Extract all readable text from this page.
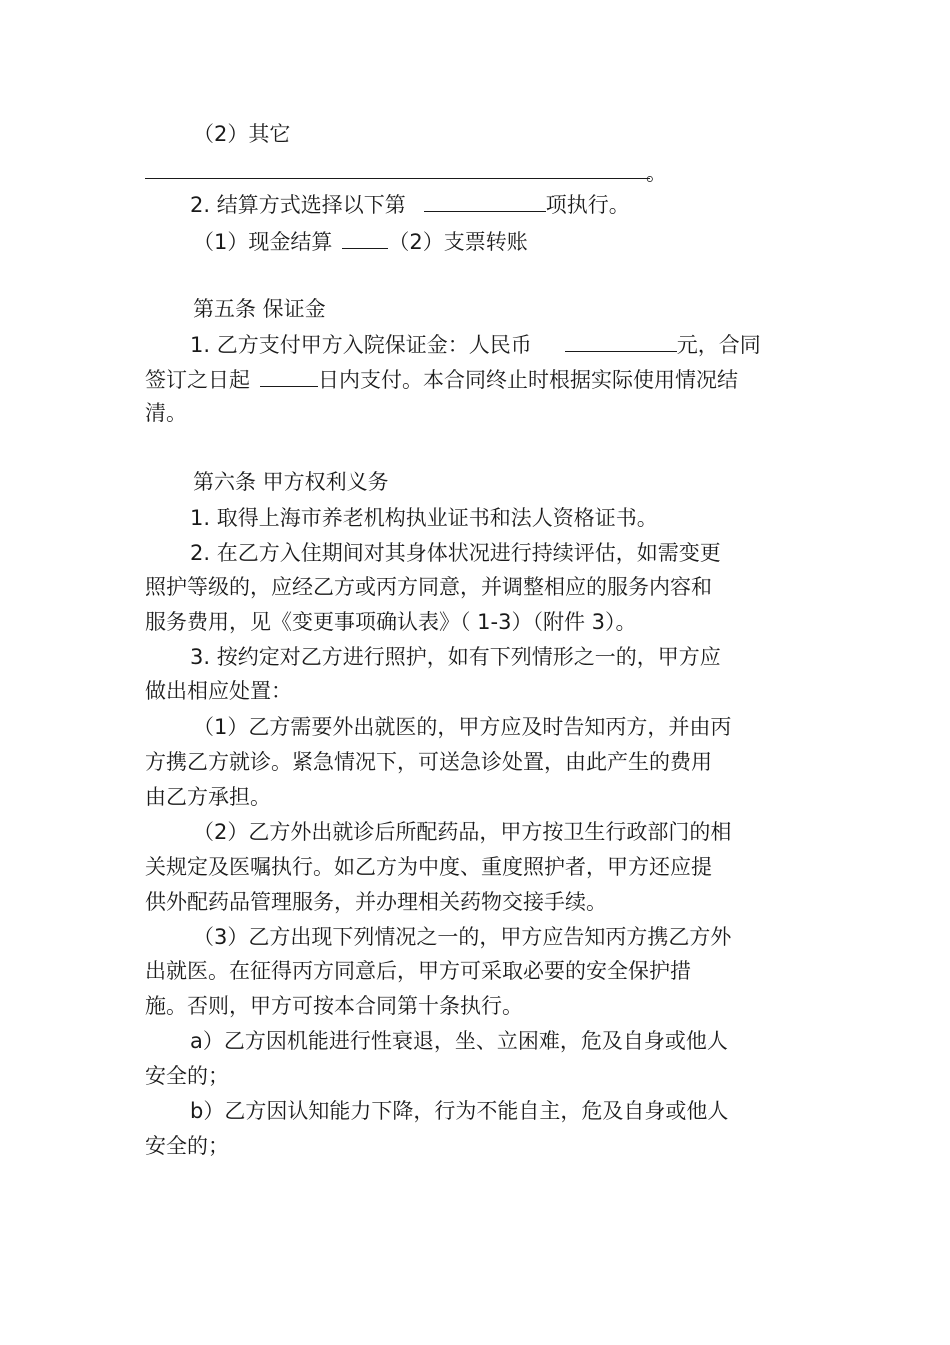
（2）其它
。
2. 结算方式选择以下第	项执行。
（1）现金结算	（2）支票转账
第五条 保证金
1. 乙方支付甲方入院保证金：人民币	元，合同
签订之日起	日内支付。本合同终止时根据实际使用情况结
清。
第六条 甲方权利义务
1. 取得上海市养老机构执业证书和法人资格证书。
2. 在乙方入住期间对其身体状况进行持续评估，如需变更
照护等级的，应经乙方或丙方同意，并调整相应的服务内容和
服务费用，见《变更事项确认表》（ 1-3）（附件 3）。
3. 按约定对乙方进行照护，如有下列情形之一的，甲方应
做出相应处置：
（1）乙方需要外出就医的，甲方应及时告知丙方，并由丙
方携乙方就诊。紧急情况下，可送急诊处置，由此产生的费用
由乙方承担。
（2）乙方外出就诊后所配药品，甲方按卫生行政部门的相
关规定及医嘱执行。如乙方为中度、重度照护者，甲方还应提
供外配药品管理服务，并办理相关药物交接手续。
（3）乙方出现下列情况之一的，甲方应告知丙方携乙方外
出就医。在征得丙方同意后，甲方可采取必要的安全保护措
施。否则，甲方可按本合同第十条执行。
a）乙方因机能进行性衰退，坐、立困难，危及自身或他人
安全的；
b）乙方因认知能力下降，行为不能自主，危及自身或他人
安全的；
